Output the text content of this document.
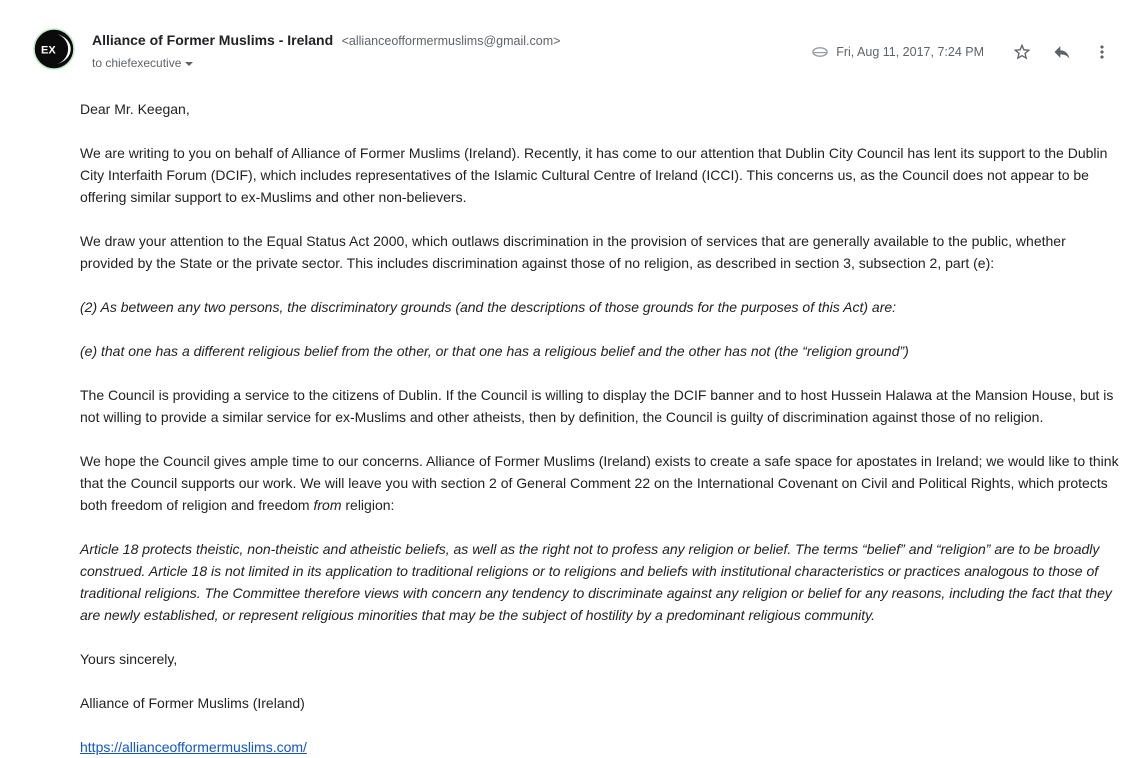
EX
Alliance of Former Muslims - Ireland <allianceofformermuslims@gmail.com>
to chiefexecutive
Fri, Aug 11, 2017, 7:24 PM

Dear Mr. Keegan,

We are writing to you on behalf of Alliance of Former Muslims (Ireland). Recently, it has come to our attention that Dublin City Council has lent its support to the Dublin City Interfaith Forum (DCIF), which includes representatives of the Islamic Cultural Centre of Ireland (ICCI). This concerns us, as the Council does not appear to be offering similar support to ex-Muslims and other non-believers.

We draw your attention to the Equal Status Act 2000, which outlaws discrimination in the provision of services that are generally available to the public, whether provided by the State or the private sector. This includes discrimination against those of no religion, as described in section 3, subsection 2, part (e):

(2) As between any two persons, the discriminatory grounds (and the descriptions of those grounds for the purposes of this Act) are:

(e) that one has a different religious belief from the other, or that one has a religious belief and the other has not (the “religion ground”)

The Council is providing a service to the citizens of Dublin. If the Council is willing to display the DCIF banner and to host Hussein Halawa at the Mansion House, but is not willing to provide a similar service for ex-Muslims and other atheists, then by definition, the Council is guilty of discrimination against those of no religion.

We hope the Council gives ample time to our concerns. Alliance of Former Muslims (Ireland) exists to create a safe space for apostates in Ireland; we would like to think that the Council supports our work. We will leave you with section 2 of General Comment 22 on the International Covenant on Civil and Political Rights, which protects both freedom of religion and freedom from religion:

Article 18 protects theistic, non-theistic and atheistic beliefs, as well as the right not to profess any religion or belief. The terms “belief” and “religion” are to be broadly construed. Article 18 is not limited in its application to traditional religions or to religions and beliefs with institutional characteristics or practices analogous to those of traditional religions. The Committee therefore views with concern any tendency to discriminate against any religion or belief for any reasons, including the fact that they are newly established, or represent religious minorities that may be the subject of hostility by a predominant religious community.

Yours sincerely,

Alliance of Former Muslims (Ireland)

https://allianceofformermuslims.com/
